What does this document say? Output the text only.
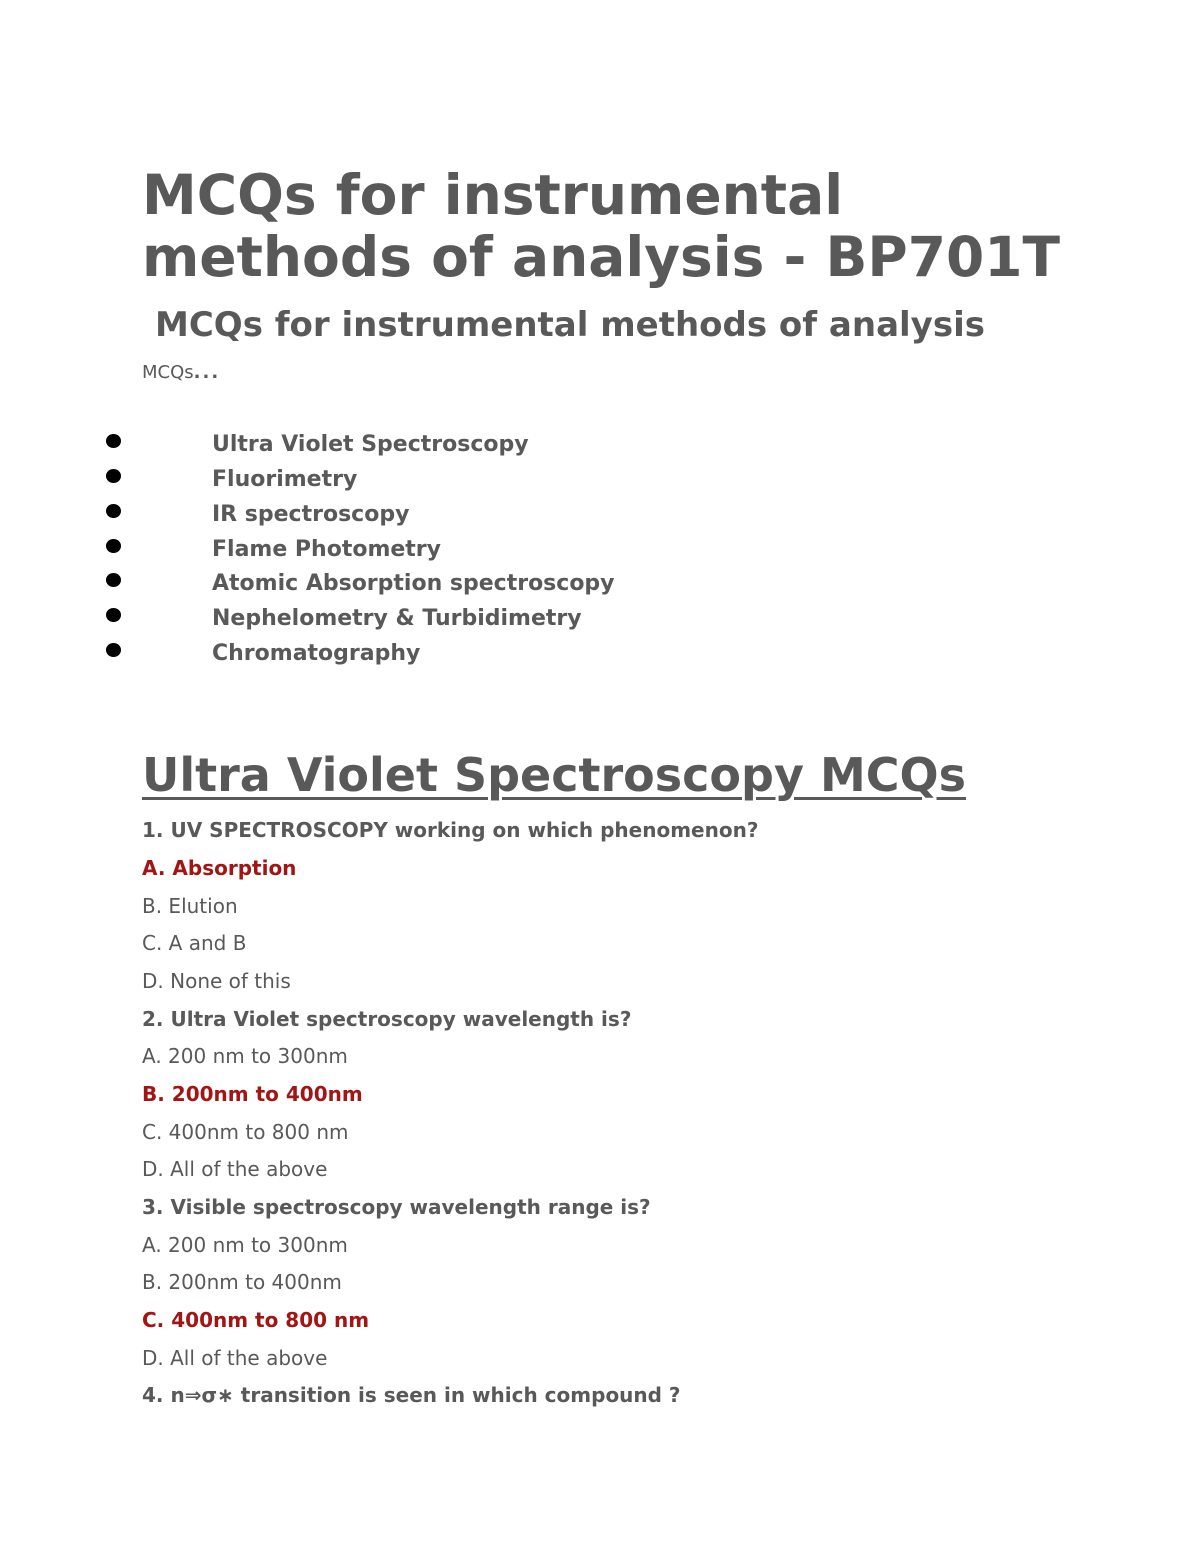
MCQs for instrumental
methods of analysis - BP701T
MCQs for instrumental methods of analysis

MCQs...

Ultra Violet Spectroscopy
Fluorimetry
IR spectroscopy
Flame Photometry
Atomic Absorption spectroscopy
Nephelometry & Turbidimetry
Chromatography
Ultra Violet Spectroscopy MCQs

1. UV SPECTROSCOPY working on which phenomenon?

A. Absorption

B. Elution

C. A and B

D. None of this

2. Ultra Violet spectroscopy wavelength is?

A. 200 nm to 300nm

B. 200nm to 400nm

C. 400nm to 800 nm

D. All of the above

3. Visible spectroscopy wavelength range is?

A. 200 nm to 300nm

B. 200nm to 400nm

C. 400nm to 800 nm

D. All of the above

4. n⇒σ∗ transition is seen in which compound ?
